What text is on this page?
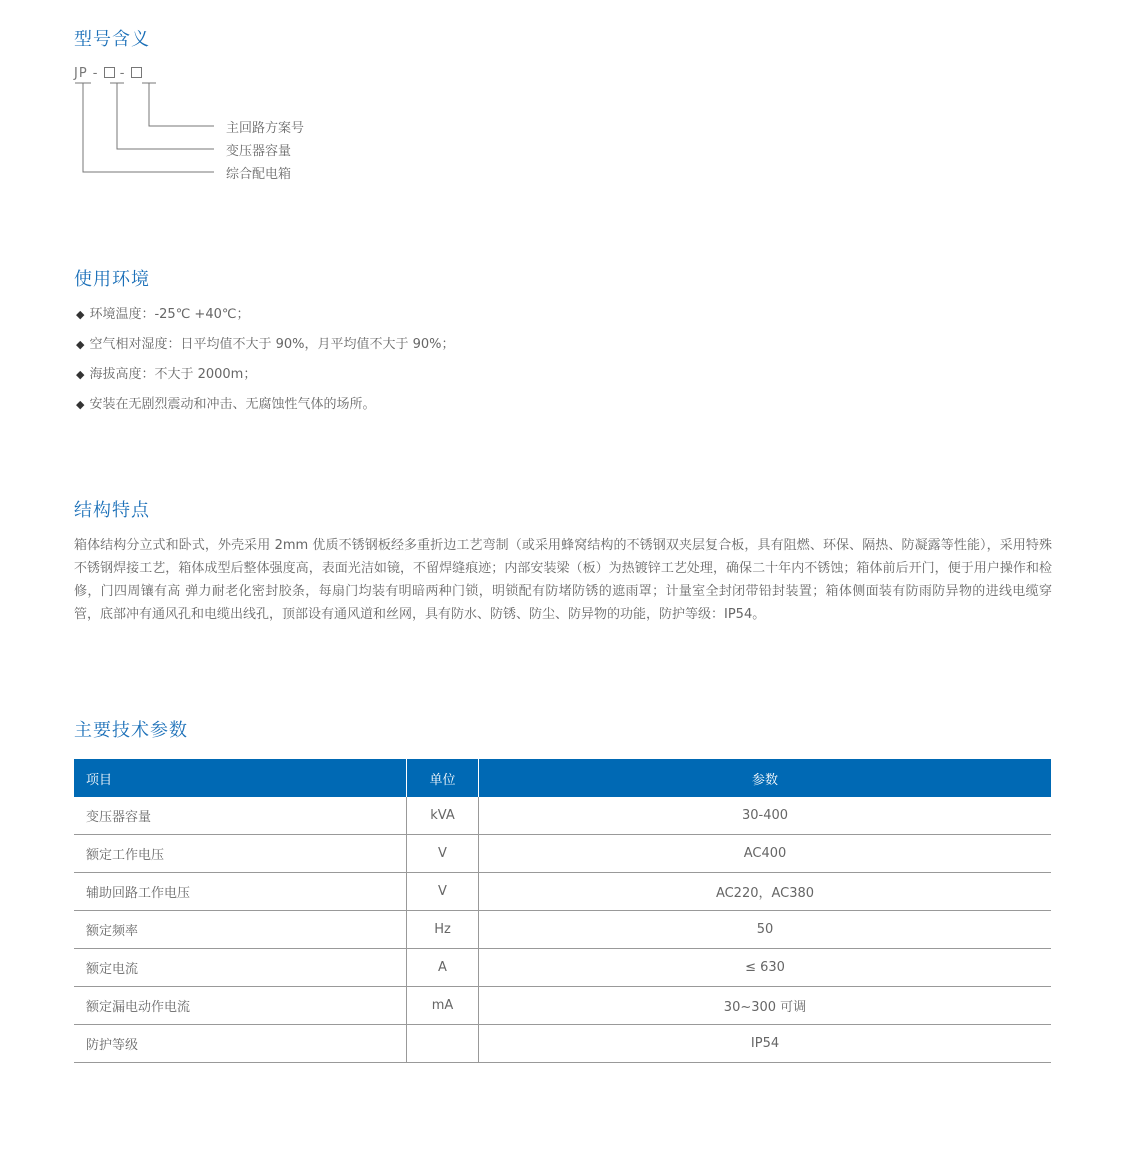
型号含义
JP - -
主回路方案号
变压器容量
综合配电箱
使用环境
◆ 环境温度：-25℃ +40℃；
◆ 空气相对湿度：日平均值不大于 90%，月平均值不大于 90%；
◆ 海拔高度：不大于 2000m；
◆ 安装在无剧烈震动和冲击、无腐蚀性气体的场所。
结构特点

箱体结构分立式和卧式，外壳采用 2mm 优质不锈钢板经多重折边工艺弯制（或采用蜂窝结构的不锈钢双夹层复合板，具有阻燃、环保、隔热、防凝露等性能），采用特殊不锈钢焊接工艺，箱体成型后整体强度高，表面光洁如镜，不留焊缝痕迹；内部安装梁（板）为热镀锌工艺处理，确保二十年内不锈蚀；箱体前后开门，便于用户操作和检修，门四周镶有高 弹力耐老化密封胶条，每扇门均装有明暗两种门锁，明锁配有防堵防锈的遮雨罩；计量室全封闭带铅封装置；箱体侧面装有防雨防异物的进线电缆穿管，底部冲有通风孔和电缆出线孔，顶部设有通风道和丝网，具有防水、防锈、防尘、防异物的功能，防护等级：IP54。

主要技术参数
项目	单位	参数
变压器容量	kVA	30-400
额定工作电压	V	AC400
辅助回路工作电压	V	AC220，AC380
额定频率	Hz	50
额定电流	A	≤ 630
额定漏电动作电流	mA	30~300 可调
防护等级		IP54
